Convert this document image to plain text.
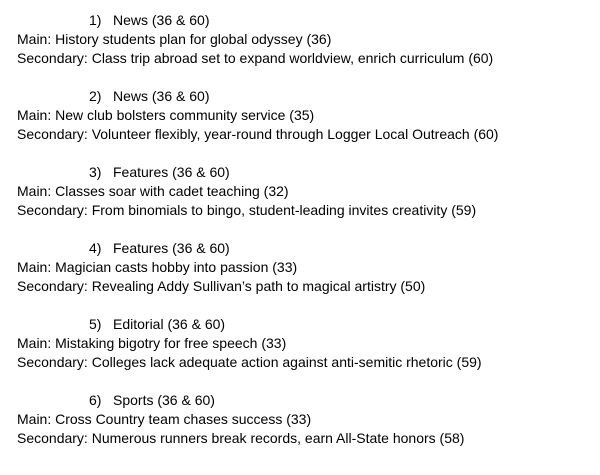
1) News (36 & 60)
Main: History students plan for global odyssey (36)
Secondary: Class trip abroad set to expand worldview, enrich curriculum (60)
2) News (36 & 60)
Main: New club bolsters community service (35)
Secondary: Volunteer flexibly, year-round through Logger Local Outreach (60)
3) Features (36 & 60)
Main: Classes soar with cadet teaching (32)
Secondary: From binomials to bingo, student-leading invites creativity (59)
4) Features (36 & 60)
Main: Magician casts hobby into passion (33)
Secondary: Revealing Addy Sullivan’s path to magical artistry (50)
5) Editorial (36 & 60)
Main: Mistaking bigotry for free speech (33)
Secondary: Colleges lack adequate action against anti-semitic rhetoric (59)
6) Sports (36 & 60)
Main: Cross Country team chases success (33)
Secondary: Numerous runners break records, earn All-State honors (58)
